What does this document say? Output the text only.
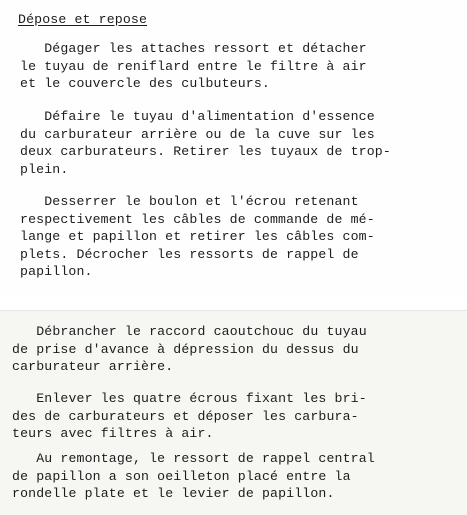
Dépose et repose

Dégager les attaches ressort et détacher
le tuyau de reniflard entre le filtre à air
et le couvercle des culbuteurs.

Défaire le tuyau d'alimentation d'essence
du carburateur arrière ou de la cuve sur les
deux carburateurs. Retirer les tuyaux de trop-
plein.

Desserrer le boulon et l'écrou retenant
respectivement les câbles de commande de mé-
lange et papillon et retirer les câbles com-
plets. Décrocher les ressorts de rappel de
papillon.

Débrancher le raccord caoutchouc du tuyau
de prise d'avance à dépression du dessus du
carburateur arrière.

Enlever les quatre écrous fixant les bri-
des de carburateurs et déposer les carbura-
teurs avec filtres à air.

Au remontage, le ressort de rappel central
de papillon a son oeilleton placé entre la
rondelle plate et le levier de papillon.
